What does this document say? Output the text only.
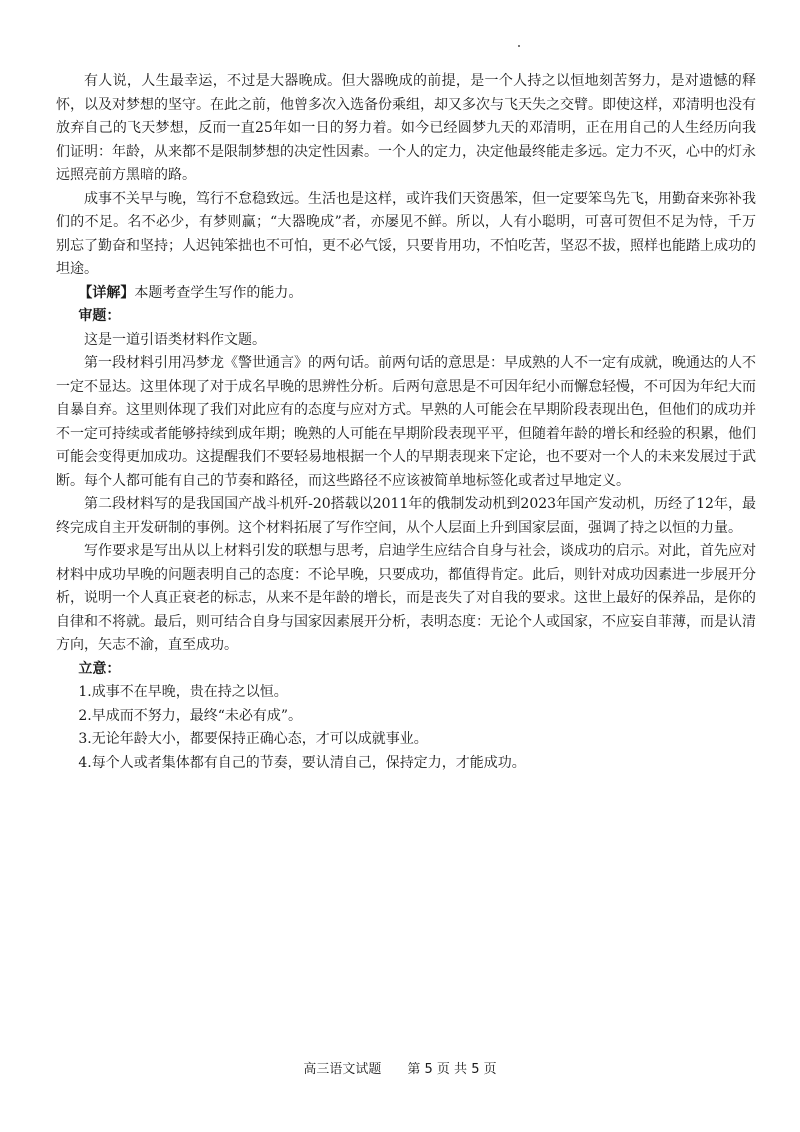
有人说，人生最幸运，不过是大器晚成。但大器晚成的前提，是一个人持之以恒地刻苦努力，是对遗憾的释怀，以及对梦想的坚守。在此之前，他曾多次入选备份乘组，却又多次与飞天失之交臂。即使这样，邓清明也没有放弃自己的飞天梦想，反而一直25年如一日的努力着。如今已经圆梦九天的邓清明，正在用自己的人生经历向我们证明：年龄，从来都不是限制梦想的决定性因素。一个人的定力，决定他最终能走多远。定力不灭，心中的灯永远照亮前方黑暗的路。

成事不关早与晚，笃行不怠稳致远。生活也是这样，或许我们天资愚笨，但一定要笨鸟先飞，用勤奋来弥补我们的不足。名不必少，有梦则赢；“大器晚成”者，亦屡见不鲜。所以，人有小聪明，可喜可贺但不足为恃，千万别忘了勤奋和坚持；人迟钝笨拙也不可怕，更不必气馁，只要肯用功，不怕吃苦，坚忍不拔，照样也能踏上成功的坦途。

【详解】本题考查学生写作的能力。

审题：

这是一道引语类材料作文题。

第一段材料引用冯梦龙《警世通言》的两句话。前两句话的意思是：早成熟的人不一定有成就，晚通达的人不一定不显达。这里体现了对于成名早晚的思辨性分析。后两句意思是不可因年纪小而懈怠轻慢，不可因为年纪大而自暴自弃。这里则体现了我们对此应有的态度与应对方式。早熟的人可能会在早期阶段表现出色，但他们的成功并不一定可持续或者能够持续到成年期；晚熟的人可能在早期阶段表现平平，但随着年龄的增长和经验的积累，他们可能会变得更加成功。这提醒我们不要轻易地根据一个人的早期表现来下定论，也不要对一个人的未来发展过于武断。每个人都可能有自己的节奏和路径，而这些路径不应该被简单地标签化或者过早地定义。

第二段材料写的是我国国产战斗机歼-20搭载以2011年的俄制发动机到2023年国产发动机，历经了12年，最终完成自主开发研制的事例。这个材料拓展了写作空间，从个人层面上升到国家层面，强调了持之以恒的力量。

写作要求是写出从以上材料引发的联想与思考，启迪学生应结合自身与社会，谈成功的启示。对此，首先应对材料中成功早晚的问题表明自己的态度：不论早晚，只要成功，都值得肯定。此后，则针对成功因素进一步展开分析，说明一个人真正衰老的标志，从来不是年龄的增长，而是丧失了对自我的要求。这世上最好的保养品，是你的自律和不将就。最后，则可结合自身与国家因素展开分析，表明态度：无论个人或国家，不应妄自菲薄，而是认清方向，矢志不渝，直至成功。

立意：

1.成事不在早晚，贵在持之以恒。

2.早成而不努力，最终“未必有成”。

3.无论年龄大小，都要保持正确心态，才可以成就事业。

4.每个人或者集体都有自己的节奏，要认清自己，保持定力，才能成功。

高三语文试题 第 5 页 共 5 页
